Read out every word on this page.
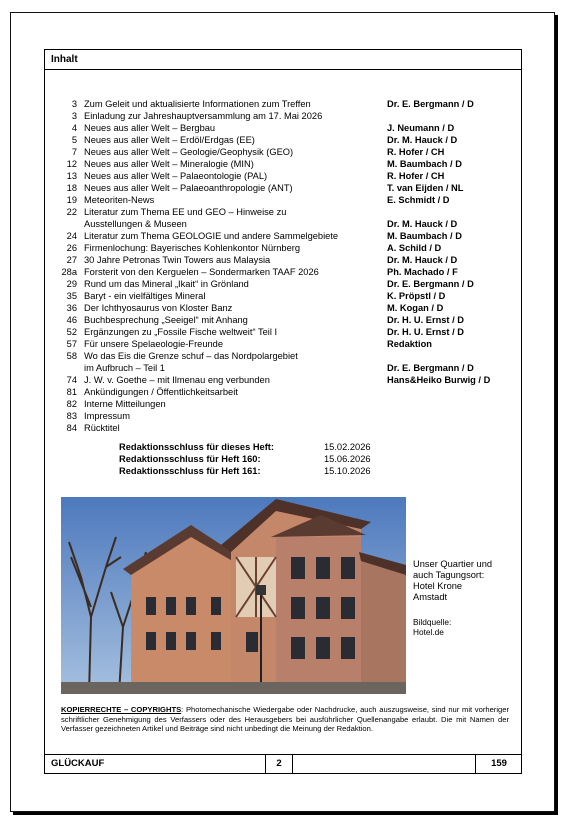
Inhalt
3 Zum Geleit und aktualisierte Informationen zum Treffen	Dr. E. Bergmann / D
3 Einladung zur Jahreshauptversammlung am 17. Mai 2026
4 Neues aus aller Welt – Bergbau	J. Neumann / D
5 Neues aus aller Welt – Erdöl/Erdgas (EE)	Dr. M. Hauck / D
7 Neues aus aller Welt – Geologie/Geophysik (GEO)	R. Hofer / CH
12 Neues aus aller Welt – Mineralogie (MIN)	M. Baumbach / D
13 Neues aus aller Welt – Palaeontologie (PAL)	R. Hofer / CH
18 Neues aus aller Welt – Palaeoanthropologie (ANT)	T. van Eijden / NL
19 Meteoriten-News	E. Schmidt / D
22 Literatur zum Thema EE und GEO – Hinweise zu
Ausstellungen & Museen	Dr. M. Hauck / D
24 Literatur zum Thema GEOLOGIE und andere Sammelgebiete	M. Baumbach / D
26 Firmenlochung: Bayerisches Kohlenkontor Nürnberg	A. Schild / D
27 30 Jahre Petronas Twin Towers aus Malaysia	Dr. M. Hauck / D
28a Forsterit von den Kerguelen – Sondermarken TAAF 2026	Ph. Machado / F
29 Rund um das Mineral „Ikait“ in Grönland	Dr. E. Bergmann / D
35 Baryt - ein vielfältiges Mineral	K. Pröpstl / D
36 Der Ichthyosaurus von Kloster Banz	M. Kogan / D
46 Buchbesprechung „Seeigel“ mit Anhang	Dr. H. U. Ernst / D
52 Ergänzungen zu „Fossile Fische weltweit“ Teil I	Dr. H. U. Ernst / D
57 Für unsere Spelaeologie-Freunde	Redaktion
58 Wo das Eis die Grenze schuf – das Nordpolargebiet
im Aufbruch – Teil 1	Dr. E. Bergmann / D
74 J. W. v. Goethe – mit Ilmenau eng verbunden	Hans&Heiko Burwig / D
81 Ankündigungen / Öffentlichkeitsarbeit
82 Interne Mitteilungen
83 Impressum
84 Rücktitel
Redaktionsschluss für dieses Heft:	15.02.2026
Redaktionsschluss für Heft 160:	15.06.2026
Redaktionsschluss für Heft 161:	15.10.2026
Unser Quartier und
auch Tagungsort:
Hotel Krone
Amstadt
Bildquelle:
Hotel.de
KOPIERRECHTE – COPYRIGHTS: Photomechanische Wiedergabe oder Nachdrucke, auch auszugsweise, sind nur mit vorheriger schriftlicher Genehmigung des Verfassers oder des Herausgebers bei ausführlicher Quellenangabe erlaubt. Die mit Namen der Verfasser gezeichneten Artikel und Beiträge sind nicht unbedingt die Meinung der Redaktion.
GLÜCKAUF	2	159
